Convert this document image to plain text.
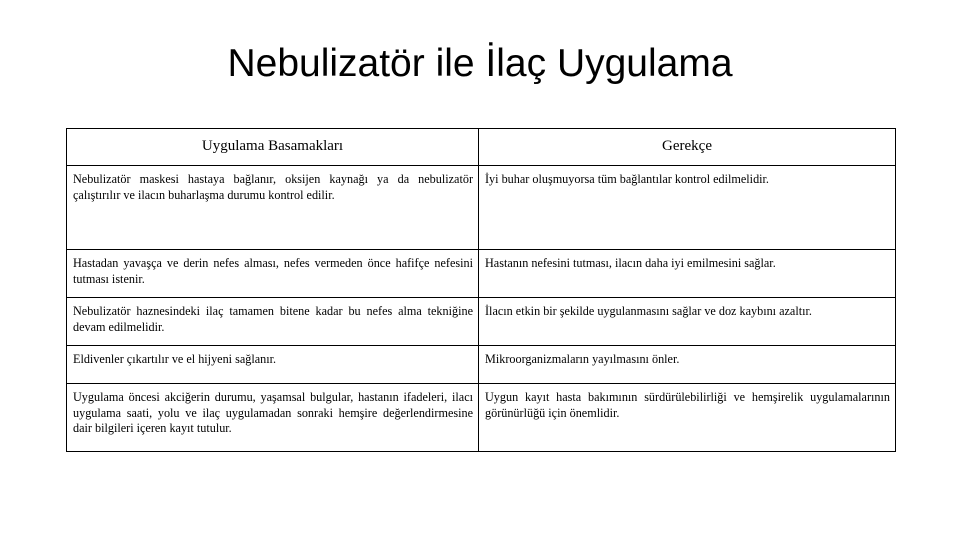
Nebulizatör ile İlaç Uygulama
Uygulama Basamakları	Gerekçe

Nebulizatör maskesi hastaya bağlanır, oksijen kaynağı ya da nebulizatör çalıştırılır ve ilacın buharlaşma durumu kontrol edilir.	İyi buhar oluşmuyorsa tüm bağlantılar kontrol edilmelidir.

Hastadan yavaşça ve derin nefes alması, nefes vermeden önce hafifçe nefesini tutması istenir.	Hastanın nefesini tutması, ilacın daha iyi emilmesini sağlar.

Nebulizatör haznesindeki ilaç tamamen bitene kadar bu nefes alma tekniğine devam edilmelidir.	İlacın etkin bir şekilde uygulanmasını sağlar ve doz kaybını azaltır.

Eldivenler çıkartılır ve el hijyeni sağlanır.	Mikroorganizmaların yayılmasını önler.

Uygulama öncesi akciğerin durumu, yaşamsal bulgular, hastanın ifadeleri, ilacı uygulama saati, yolu ve ilaç uygulamadan sonraki hemşire değerlendirmesine dair bilgileri içeren kayıt tutulur.	Uygun kayıt hasta bakımının sürdürülebilirliği ve hemşirelik uygulamalarının görünürlüğü için önemlidir.
